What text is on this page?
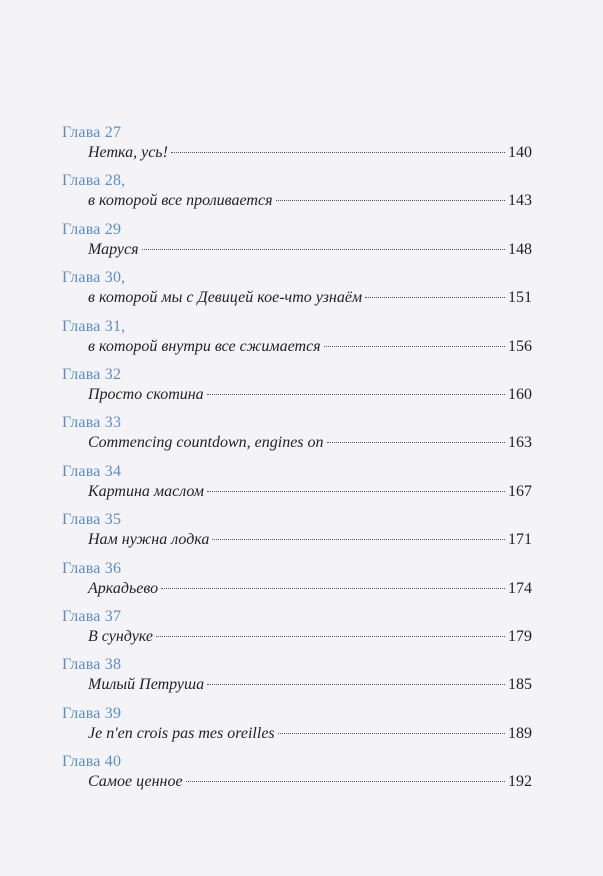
Глава 27
Нетка, усь!	140
Глава 28,
в которой все проливается	143
Глава 29
Маруся	148
Глава 30,
в которой мы с Девицей кое-что узнаём	151
Глава 31,
в которой внутри все сжимается	156
Глава 32
Просто скотина	160
Глава 33
Commencing countdown, engines on	163
Глава 34
Картина маслом	167
Глава 35
Нам нужна лодка	171
Глава 36
Аркадьево	174
Глава 37
В сундуке	179
Глава 38
Милый Петруша	185
Глава 39
Je n'en crois pas mes oreilles	189
Глава 40
Самое ценное	192
